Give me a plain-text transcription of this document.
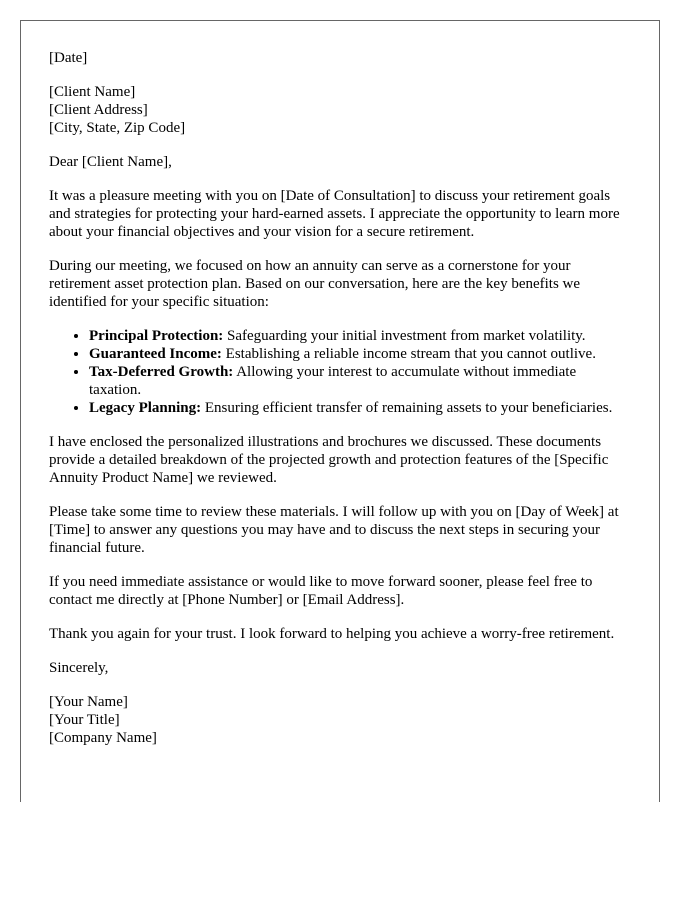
[Date]

[Client Name]
[Client Address]
[City, State, Zip Code]

Dear [Client Name],

It was a pleasure meeting with you on [Date of Consultation] to discuss your retirement goals and strategies for protecting your hard-earned assets. I appreciate the opportunity to learn more about your financial objectives and your vision for a secure retirement.

During our meeting, we focused on how an annuity can serve as a cornerstone for your retirement asset protection plan. Based on our conversation, here are the key benefits we identified for your specific situation:

• Principal Protection: Safeguarding your initial investment from market volatility.
• Guaranteed Income: Establishing a reliable income stream that you cannot outlive.
• Tax-Deferred Growth: Allowing your interest to accumulate without immediate taxation.
• Legacy Planning: Ensuring efficient transfer of remaining assets to your beneficiaries.

I have enclosed the personalized illustrations and brochures we discussed. These documents provide a detailed breakdown of the projected growth and protection features of the [Specific Annuity Product Name] we reviewed.

Please take some time to review these materials. I will follow up with you on [Day of Week] at [Time] to answer any questions you may have and to discuss the next steps in securing your financial future.

If you need immediate assistance or would like to move forward sooner, please feel free to contact me directly at [Phone Number] or [Email Address].

Thank you again for your trust. I look forward to helping you achieve a worry-free retirement.

Sincerely,

[Your Name]
[Your Title]
[Company Name]
